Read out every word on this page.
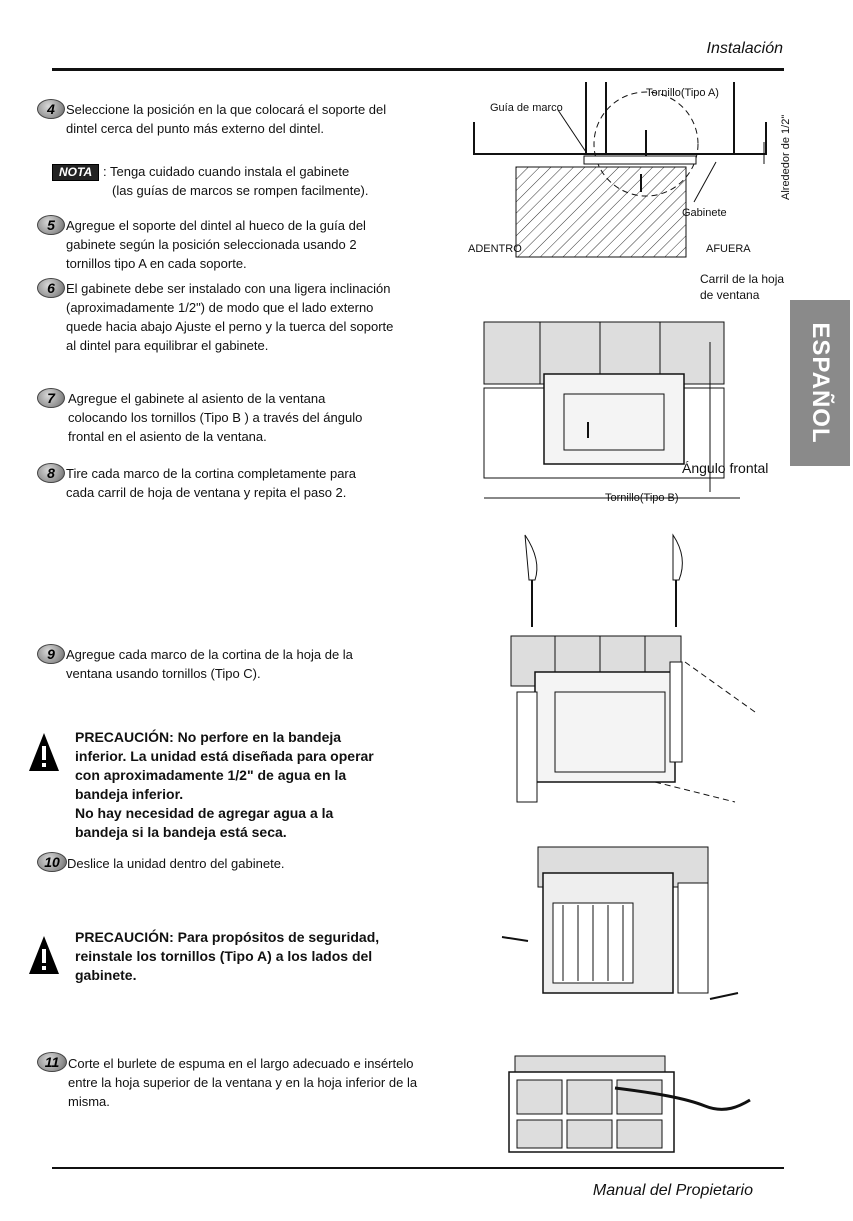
Instalación
Manual del Propietario
ESPAÑOL
4 Seleccione la posición en la que colocará el soporte del dintel cerca del punto más externo del dintel.
NOTA : Tenga cuidado cuando instala el gabinete
(las guías de marcos se rompen facilmente).
5 Agregue el soporte del dintel al hueco de la guía del gabinete según la posición seleccionada usando 2 tornillos tipo A en cada soporte.
6 El gabinete debe ser instalado con una ligera inclinación (aproximadamente 1/2") de modo que el lado externo quede hacia abajo Ajuste el perno y la tuerca del soporte al dintel para equilibrar el gabinete.
7	Agregue el gabinete al asiento de la ventana colocando los tornillos (Tipo B ) a través del ángulo frontal en el asiento de la ventana.
8 Tire cada marco de la cortina completamente para cada carril de hoja de ventana y repita el paso 2.
9 Agregue cada marco de la cortina de la hoja de la ventana usando tornillos (Tipo C).
PRECAUCIÓN: No perfore en la bandeja
inferior. La unidad está diseñada para operar
con aproximadamente 1/2" de agua en la
bandeja inferior.
No hay necesidad de agregar agua a la
bandeja si la bandeja está seca.
10 Deslice la unidad dentro del gabinete.
PRECAUCIÓN: Para propósitos de seguridad,
reinstale los tornillos (Tipo A) a los lados del
gabinete.
11 Corte el burlete de espuma en el largo adecuado e insértelo entre la hoja superior de la ventana y en la hoja inferior de la misma.
Guía de marco
Tornillo(Tipo A)
Alrededor de 1/2"
Gabinete
ADENTRO	AFUERA
Carril de la hoja de ventana
Ángulo frontal
Tornillo(Tipo B)
